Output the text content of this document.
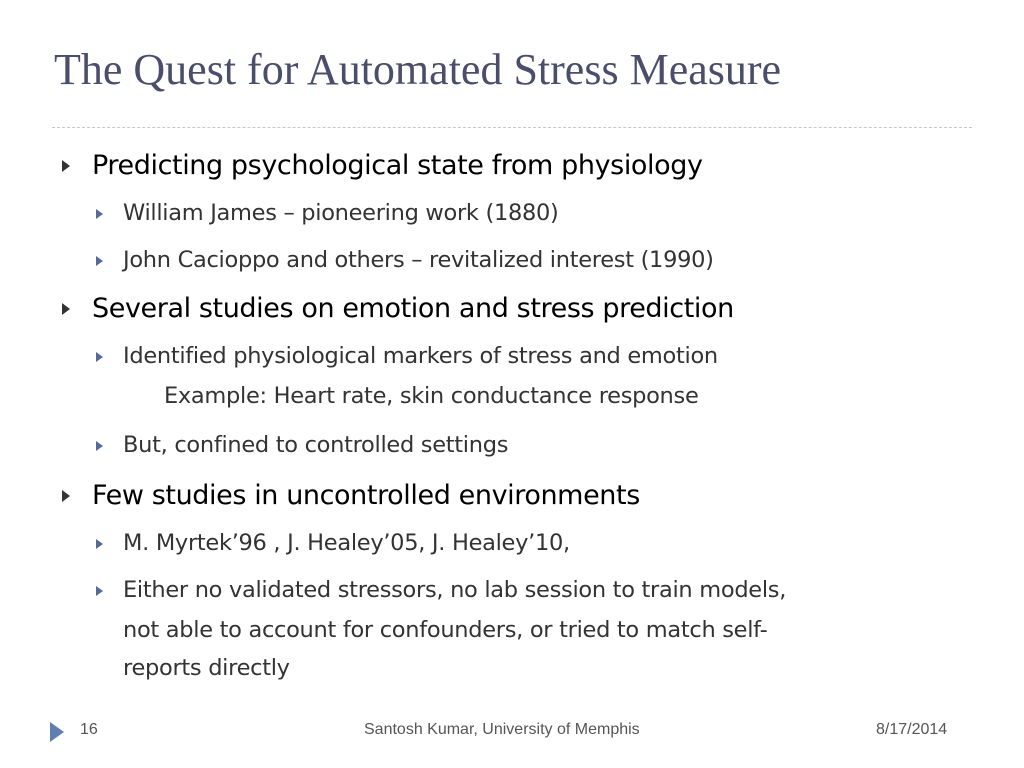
The Quest for Automated Stress Measure
Predicting psychological state from physiology
William James – pioneering work (1880)
John Cacioppo and others – revitalized interest (1990)
Several studies on emotion and stress prediction
Identified physiological markers of stress and emotion
Example: Heart rate, skin conductance response
But, confined to controlled settings
Few studies in uncontrolled environments
M. Myrtek’96 , J. Healey’05, J. Healey’10,
Either no validated stressors, no lab session to train models,
not able to account for confounders, or tried to match self-
reports directly
16	Santosh Kumar, University of Memphis	8/17/2014
